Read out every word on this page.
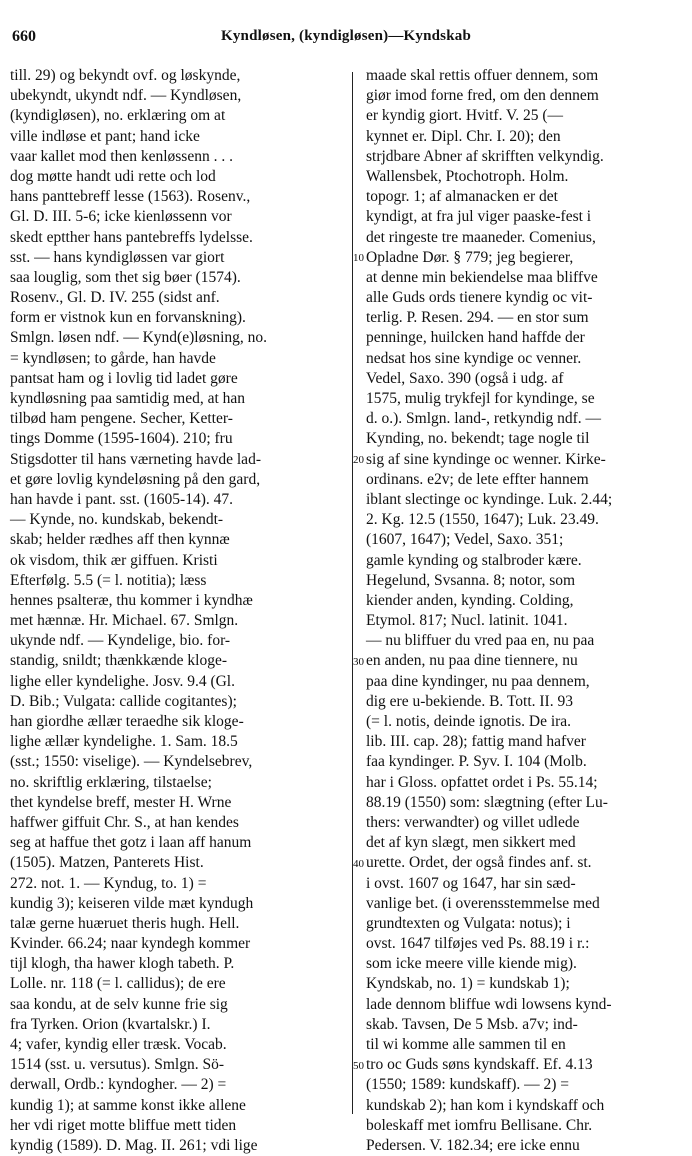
660	Kyndløsen, (kyndigløsen)—Kyndskab
till. 29) og bekyndt ovf. og løskynde,
ubekyndt, ukyndt ndf. — Kyndløsen,
(kyndigløsen), no. erklæring om at
ville indløse et pant; hand icke
vaar kallet mod then kenløssenn . . .
dog møtte handt udi rette och lod
hans panttebreff lesse (1563). Rosenv.,
Gl. D. III. 5-6; icke kienløssenn vor
skedt eptther hans pantebreffs lydelsse.
sst. — hans kyndigløssen var giort
saa louglig, som thet sig bøer (1574).
Rosenv., Gl. D. IV. 255 (sidst anf.
form er vistnok kun en forvanskning).
Smlgn. løsen ndf. — Kynd(e)løsning, no.
= kyndløsen; to gårde, han havde
pantsat ham og i lovlig tid ladet gøre
kyndløsning paa samtidig med, at han
tilbød ham pengene. Secher, Ketter-
tings Domme (1595-1604). 210; fru
Stigsdotter til hans værneting havde lad-
et gøre lovlig kyndeløsning på den gard,
han havde i pant. sst. (1605-14). 47.
— Kynde, no. kundskab, bekendt-
skab; helder rædhes aff then kynnæ
ok visdom, thik ær giffuen. Kristi
Efterfølg. 5.5 (= l. notitia); læss
hennes psalteræ, thu kommer i kyndhæ
met hænnæ. Hr. Michael. 67. Smlgn.
ukynde ndf. — Kyndelige, bio. for-
standig, snildt; thænkkænde kloge-
lighe eller kyndelighe. Josv. 9.4 (Gl.
D. Bib.; Vulgata: callide cogitantes);
han giordhe ællær teraedhe sik kloge-
lighe ællær kyndelighe. 1. Sam. 18.5
(sst.; 1550: viselige). — Kyndelsebrev,
no. skriftlig erklæring, tilstaelse;
thet kyndelse breff, mester H. Wrne
haffwer giffuit Chr. S., at han kendes
seg at haffue thet gotz i laan aff hanum
(1505). Matzen, Panterets Hist.
272. not. 1. — Kyndug, to. 1) =
kundig 3); keiseren vilde mæt kyndugh
talæ gerne huæruet theris hugh. Hell.
Kvinder. 66.24; naar kyndegh kommer
tijl klogh, tha hawer klogh tabeth. P.
Lolle. nr. 118 (= l. callidus); de ere
saa kondu, at de selv kunne frie sig
fra Tyrken. Orion (kvartalskr.) I.
4; vafer, kyndig eller træsk. Vocab.
1514 (sst. u. versutus). Smlgn. Sö-
derwall, Ordb.: kyndogher. — 2) =
kundig 1); at samme konst ikke allene
her vdi riget motte bliffue mett tiden
kyndig (1589). D. Mag. II. 261; vdi lige
maade skal rettis offuer dennem, som
giør imod forne fred, om den dennem
er kyndig giort. Hvitf. V. 25 (—
kynnet er. Dipl. Chr. I. 20); den
strjdbare Abner af skrifften velkyndig.
Wallensbek, Ptochotroph. Holm.
topogr. 1; af almanacken er det
kyndigt, at fra jul viger paaske-fest i
det ringeste tre maaneder. Comenius,
Opladne Dør. § 779; jeg begierer,
at denne min bekiendelse maa bliffve
alle Guds ords tienere kyndig oc vit-
terlig. P. Resen. 294. — en stor sum
penninge, huilcken hand haffde der
nedsat hos sine kyndige oc venner.
Vedel, Saxo. 390 (også i udg. af
1575, mulig trykfejl for kyndinge, se
d. o.). Smlgn. land-, retkyndig ndf. —
Kynding, no. bekendt; tage nogle til
sig af sine kyndinge oc wenner. Kirke-
ordinans. e2v; de lete effter hannem
iblant slectinge oc kyndinge. Luk. 2.44;
2. Kg. 12.5 (1550, 1647); Luk. 23.49.
(1607, 1647); Vedel, Saxo. 351;
gamle kynding og stalbroder kære.
Hegelund, Svsanna. 8; notor, som
kiender anden, kynding. Colding,
Etymol. 817; Nucl. latinit. 1041.
— nu bliffuer du vred paa en, nu paa
en anden, nu paa dine tiennere, nu
paa dine kyndinger, nu paa dennem,
dig ere u-bekiende. B. Tott. II. 93
(= l. notis, deinde ignotis. De ira.
lib. III. cap. 28); fattig mand hafver
faa kyndinger. P. Syv. I. 104 (Molb.
har i Gloss. opfattet ordet i Ps. 55.14;
88.19 (1550) som: slægtning (efter Lu-
thers: verwandter) og villet udlede
det af kyn slægt, men sikkert med
urette. Ordet, der også findes anf. st.
i ovst. 1607 og 1647, har sin sæd-
vanlige bet. (i overensstemmelse med
grundtexten og Vulgata: notus); i
ovst. 1647 tilføjes ved Ps. 88.19 i r.:
som icke meere ville kiende mig).
Kyndskab, no. 1) = kundskab 1);
lade dennom bliffue wdi lowsens kynd-
skab. Tavsen, De 5 Msb. a7v; ind-
til wi komme alle sammen til en
tro oc Guds søns kyndskaff. Ef. 4.13
(1550; 1589: kundskaff). — 2) =
kundskab 2); han kom i kyndskaff och
boleskaff met iomfru Bellisane. Chr.
Pedersen. V. 182.34; ere icke ennu
10
20
30
40
50
